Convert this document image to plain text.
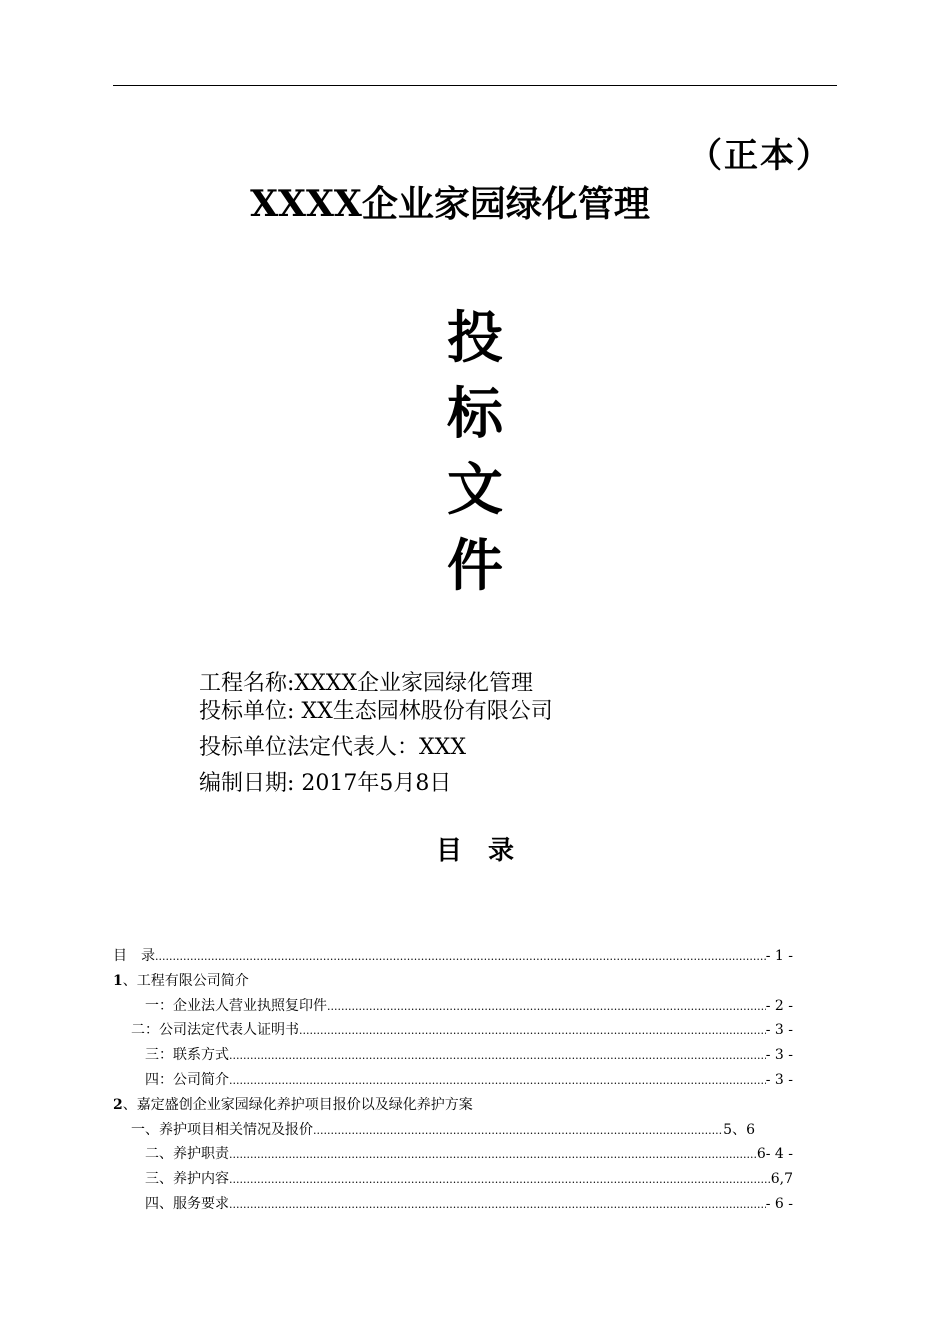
（正本）
XXXX企业家园绿化管理
投
标
文
件
工程名称:XXXX企业家园绿化管理
投标单位: XX生态园林股份有限公司
投标单位法定代表人：XXX
编制日期: 2017年5月8日
目录
目　录 .....	- 1 -
1、工程有限公司简介
一：企业法人营业执照复印件 .....	- 2 -
二：公司法定代表人证明书 .....	- 3 -
三：联系方式 .....	- 3 -
四：公司简介 .....	- 3 -
2、嘉定盛创企业家园绿化养护项目报价以及绿化养护方案
一、养护项目相关情况及报价 .....	5、6
二、养护职责 .....	6- 4 -
三、养护内容 .....	6,7
四、服务要求 .....	- 6 -
